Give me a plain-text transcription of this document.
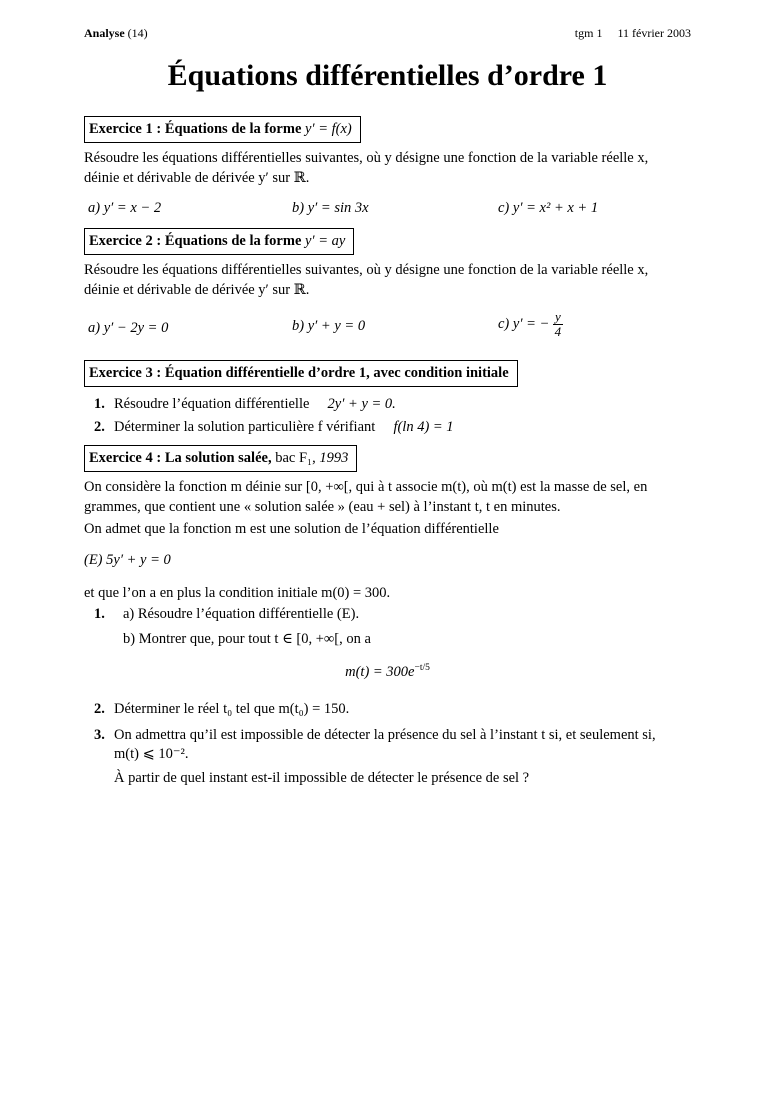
Analyse (14)	tgm 1 11 février 2003
Équations différentielles d’ordre 1
Exercice 1 : Équations de la forme y′ = f(x)

Résoudre les équations différentielles suivantes, où y désigne une fonction de la variable réelle x,

déinie et dérivable de dérivée y′ sur ℝ.

a) y′ = x − 2	b) y′ = sin 3x	c) y′ = x² + x + 1
Exercice 2 : Équations de la forme y′ = ay

Résoudre les équations différentielles suivantes, où y désigne une fonction de la variable réelle x,

déinie et dérivable de dérivée y′ sur ℝ.

a) y′ − 2y = 0	b) y′ + y = 0	c) y′ = − $\frac{y}{4}$
Exercice 3 : Équation différentielle d’ordre 1, avec condition initiale
1. Résoudre l’équation différentielle 2y′ + y = 0.
2. Déterminer la solution particulière f vérifiant f(ln 4) = 1
Exercice 4 : La solution salée, bac F₁, 1993

On considère la fonction m déinie sur [0, +∞[, qui à t associe m(t), où m(t) est la masse de sel, en

grammes, que contient une « solution salée » (eau + sel) à l’instant t, t en minutes.

On admet que la fonction m est une solution de l’équation différentielle

(E) 5y′ + y = 0

et que l’on a en plus la condition initiale m(0) = 300.

1.	a) Résoudre l’équation différentielle (E).
b) Montrer que, pour tout t ∈ [0, +∞[, on a
$m(t) = 300e^{-t/5}$
2. Déterminer le réel t₀ tel que m(t₀) = 150.
3. On admettra qu’il est impossible de détecter la présence du sel à l’instant t si, et seulement si,
m(t) ⩽ 10⁻².
À partir de quel instant est-il impossible de détecter le présence de sel ?
